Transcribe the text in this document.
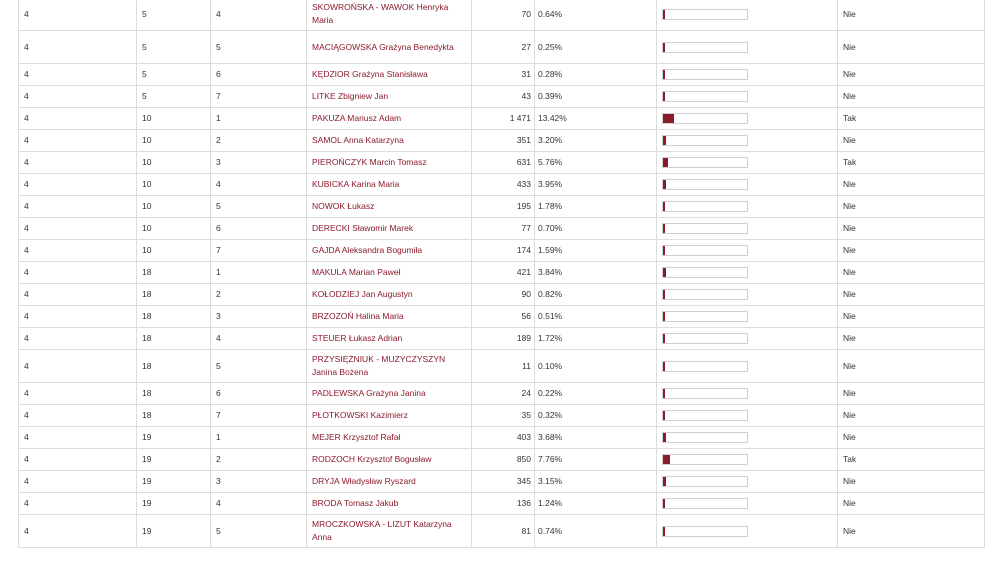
4	5	4	SKOWROŃSKA - WAWOK Henryka Maria	70	0.64%		Nie
4	5	5	MACIĄGOWSKA Grażyna Benedykta	27	0.25%		Nie
4	5	6	KĘDZIOR Grażyna Stanisława	31	0.28%		Nie
4	5	7	LITKE Zbigniew Jan	43	0.39%		Nie
4	10	1	PAKUZA Mariusz Adam	1 471	13.42%		Tak
4	10	2	SAMOL Anna Katarzyna	351	3.20%		Nie
4	10	3	PIEROŃCZYK Marcin Tomasz	631	5.76%		Tak
4	10	4	KUBICKA Karina Maria	433	3.95%		Nie
4	10	5	NOWOK Łukasz	195	1.78%		Nie
4	10	6	DERECKI Sławomir Marek	77	0.70%		Nie
4	10	7	GAJDA Aleksandra Bogumiła	174	1.59%		Nie
4	18	1	MAKULA Marian Paweł	421	3.84%		Nie
4	18	2	KOŁODZIEJ Jan Augustyn	90	0.82%		Nie
4	18	3	BRZOZOŃ Halina Maria	56	0.51%		Nie
4	18	4	STEUER Łukasz Adrian	189	1.72%		Nie
4	18	5	PRZYSIĘŻNIUK - MUZYCZYSZYN Janina Bożena	11	0.10%		Nie
4	18	6	PADLEWSKA Grażyna Janina	24	0.22%		Nie
4	18	7	PŁOTKOWSKI Kazimierz	35	0.32%		Nie
4	19	1	MEJER Krzysztof Rafał	403	3.68%		Nie
4	19	2	RODZOCH Krzysztof Bogusław	850	7.76%		Tak
4	19	3	DRYJA Władysław Ryszard	345	3.15%		Nie
4	19	4	BRODA Tomasz Jakub	136	1.24%		Nie
4	19	5	MROCZKOWSKA - LIZUT Katarzyna Anna	81	0.74%		Nie
